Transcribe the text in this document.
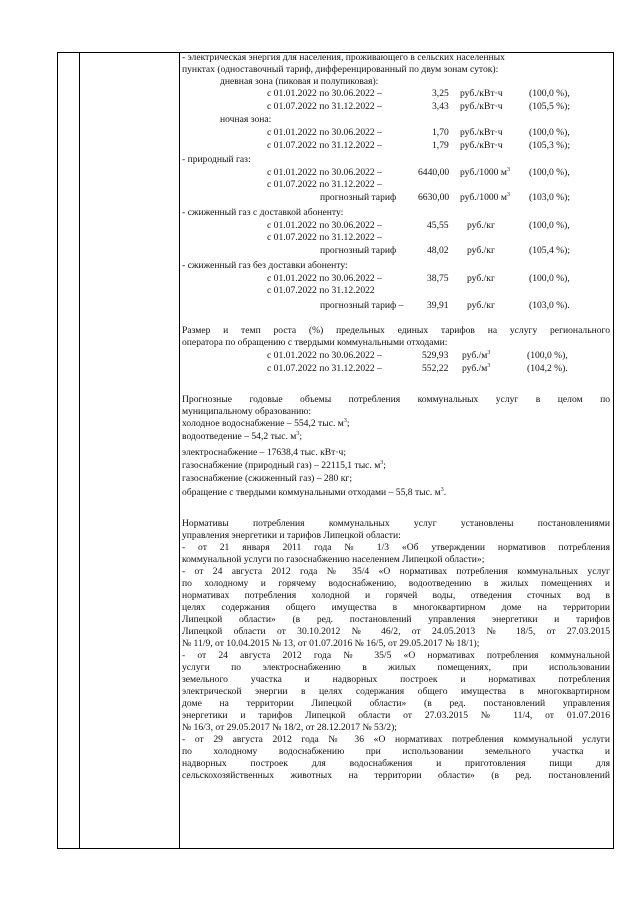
- электрическая энергия для населения, проживающего в сельских населенных
пунктах (одноставочный тариф, дифференцированный по двум зонам суток):
дневная зона (пиковая и полупиковая):
с 01.01.2022 по 30.06.2022 –	3,25 руб./кВт·ч	(100,0 %),
с 01.07.2022 по 31.12.2022 –	3,43 руб./кВт·ч	(105,5 %);
ночная зона:
с 01.01.2022 по 30.06.2022 –	1,70 руб./кВт·ч	(100,0 %),
с 01.07.2022 по 31.12.2022 –	1,79 руб./кВт·ч	(105,3 %);
- природный газ:
с 01.01.2022 по 30.06.2022 –	6440,00 руб./1000 $м^3$ (100,0 %),
с 01.07.2022 по 31.12.2022 –
прогнозный тариф 6630,00 руб./1000 $м^3$ (103,0 %);
- сжиженный газ с доставкой абоненту:
с 01.01.2022 по 30.06.2022 –	45,55 руб./кг	(100,0 %),
с 01.07.2022 по 31.12.2022 –
прогнозный тариф	48,02 руб./кг	(105,4 %);
- сжиженный газ без доставки абоненту:
с 01.01.2022 по 30.06.2022 –	38,75 руб./кг	(100,0 %),
с 01.07.2022 по 31.12.2022
прогнозный тариф – 39,91 руб./кг	(103,0 %).
Размер и темп роста (%) предельных единых тарифов на услугу регионального
оператора по обращению с твердыми коммунальными отходами:
с 01.01.2022 по 30.06.2022 –	529,93 $руб./м^3$	(100,0 %),
с 01.07.2022 по 31.12.2022 –	552,22 $руб./м^3$	(104,2 %).
Прогнозные годовые объемы потребления коммунальных услуг в целом по
муниципальному образованию:
холодное водоснабжение – 554,2 тыс. $м^3$;
водоотведение – 54,2 тыс. $м^3$;
электроснабжение – 17638,4 тыс. кВт·ч;
газоснабжение (природный газ) – 22115,1 тыс. $м^3$;
газоснабжение (сжиженный газ) – 280 кг;
обращение с твердыми коммунальными отходами – 55,8 тыс. $м^3$.
Нормативы потребления коммунальных услуг установлены постановлениями
управления энергетики и тарифов Липецкой области:
- от 21 января 2011 года № 1/3 «Об утверждении нормативов потребления
коммунальной услуги по газоснабжению населением Липецкой области»;
- от 24 августа 2012 года № 35/4 «О нормативах потребления коммунальных услуг
по холодному и горячему водоснабжению, водоотведению в жилых помещениях и
нормативах потребления холодной и горячей воды, отведения сточных вод в
целях содержания общего имущества в многоквартирном доме на территории
Липецкой области» (в ред. постановлений управления энергетики и тарифов
Липецкой области от 30.10.2012 № 46/2, от 24.05.2013 № 18/5, от 27.03.2015
№ 11/9, от 10.04.2015 № 13, от 01.07.2016 № 16/5, от 29.05.2017 № 18/1);
- от 24 августа 2012 года № 35/5 «О нормативах потребления коммунальной
услуги по электроснабжению в жилых помещениях, при использовании
земельного участка и надворных построек и нормативах потребления
электрической энергии в целях содержания общего имущества в многоквартирном
доме на территории Липецкой области» (в ред. постановлений управления
энергетики и тарифов Липецкой области от 27.03.2015 № 11/4, от 01.07.2016
№ 16/3, от 29.05.2017 № 18/2, от 28.12.2017 № 53/2);
- от 29 августа 2012 года № 36 «О нормативах потребления коммунальной услуги
по холодному водоснабжению при использовании земельного участка и
надворных построек для водоснабжения и приготовления пищи для
сельскохозяйственных животных на территории области» (в ред. постановлений
